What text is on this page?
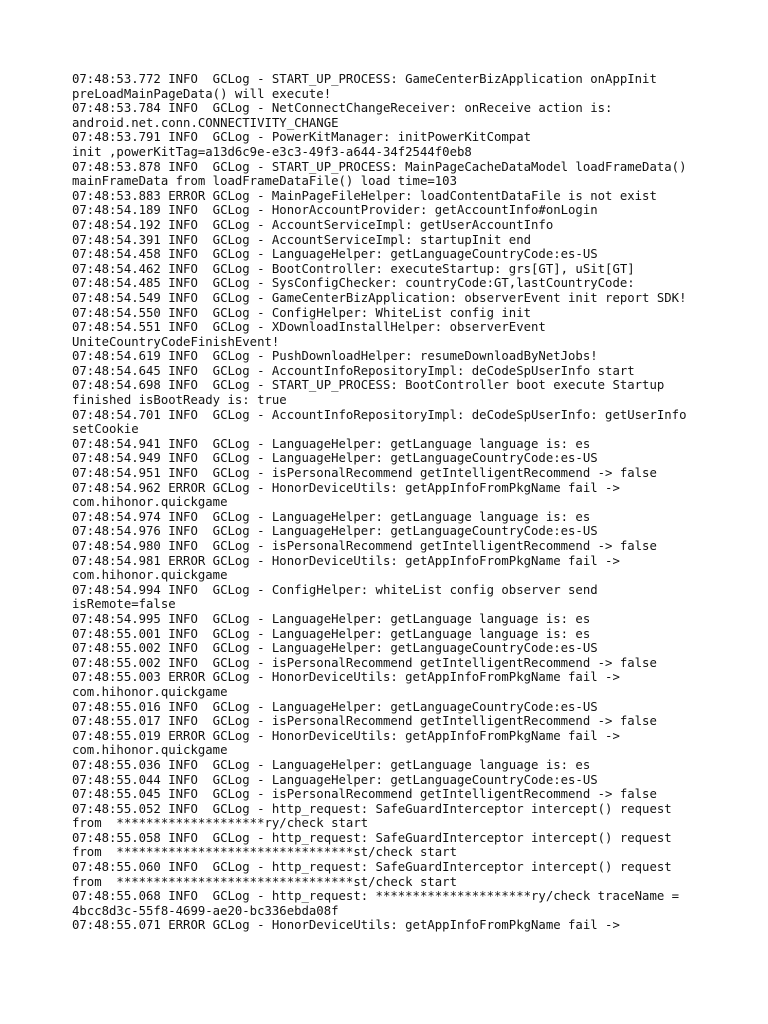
07:48:53.772 INFO  GCLog - START_UP_PROCESS: GameCenterBizApplication onAppInit
preLoadMainPageData() will execute!
07:48:53.784 INFO  GCLog - NetConnectChangeReceiver: onReceive action is:
android.net.conn.CONNECTIVITY_CHANGE
07:48:53.791 INFO  GCLog - PowerKitManager: initPowerKitCompat
init ,powerKitTag=a13d6c9e-e3c3-49f3-a644-34f2544f0eb8
07:48:53.878 INFO  GCLog - START_UP_PROCESS: MainPageCacheDataModel loadFrameData()
mainFrameData from loadFrameDataFile() load time=103
07:48:53.883 ERROR GCLog - MainPageFileHelper: loadContentDataFile is not exist
07:48:54.189 INFO  GCLog - HonorAccountProvider: getAccountInfo#onLogin
07:48:54.192 INFO  GCLog - AccountServiceImpl: getUserAccountInfo
07:48:54.391 INFO  GCLog - AccountServiceImpl: startupInit end
07:48:54.458 INFO  GCLog - LanguageHelper: getLanguageCountryCode:es-US
07:48:54.462 INFO  GCLog - BootController: executeStartup: grs[GT], uSit[GT]
07:48:54.485 INFO  GCLog - SysConfigChecker: countryCode:GT,lastCountryCode:
07:48:54.549 INFO  GCLog - GameCenterBizApplication: observerEvent init report SDK!
07:48:54.550 INFO  GCLog - ConfigHelper: WhiteList config init
07:48:54.551 INFO  GCLog - XDownloadInstallHelper: observerEvent
UniteCountryCodeFinishEvent!
07:48:54.619 INFO  GCLog - PushDownloadHelper: resumeDownloadByNetJobs!
07:48:54.645 INFO  GCLog - AccountInfoRepositoryImpl: deCodeSpUserInfo start
07:48:54.698 INFO  GCLog - START_UP_PROCESS: BootController boot execute Startup
finished isBootReady is: true
07:48:54.701 INFO  GCLog - AccountInfoRepositoryImpl: deCodeSpUserInfo: getUserInfo
setCookie
07:48:54.941 INFO  GCLog - LanguageHelper: getLanguage language is: es
07:48:54.949 INFO  GCLog - LanguageHelper: getLanguageCountryCode:es-US
07:48:54.951 INFO  GCLog - isPersonalRecommend getIntelligentRecommend -> false
07:48:54.962 ERROR GCLog - HonorDeviceUtils: getAppInfoFromPkgName fail ->
com.hihonor.quickgame
07:48:54.974 INFO  GCLog - LanguageHelper: getLanguage language is: es
07:48:54.976 INFO  GCLog - LanguageHelper: getLanguageCountryCode:es-US
07:48:54.980 INFO  GCLog - isPersonalRecommend getIntelligentRecommend -> false
07:48:54.981 ERROR GCLog - HonorDeviceUtils: getAppInfoFromPkgName fail ->
com.hihonor.quickgame
07:48:54.994 INFO  GCLog - ConfigHelper: whiteList config observer send
isRemote=false
07:48:54.995 INFO  GCLog - LanguageHelper: getLanguage language is: es
07:48:55.001 INFO  GCLog - LanguageHelper: getLanguage language is: es
07:48:55.002 INFO  GCLog - LanguageHelper: getLanguageCountryCode:es-US
07:48:55.002 INFO  GCLog - isPersonalRecommend getIntelligentRecommend -> false
07:48:55.003 ERROR GCLog - HonorDeviceUtils: getAppInfoFromPkgName fail ->
com.hihonor.quickgame
07:48:55.016 INFO  GCLog - LanguageHelper: getLanguageCountryCode:es-US
07:48:55.017 INFO  GCLog - isPersonalRecommend getIntelligentRecommend -> false
07:48:55.019 ERROR GCLog - HonorDeviceUtils: getAppInfoFromPkgName fail ->
com.hihonor.quickgame
07:48:55.036 INFO  GCLog - LanguageHelper: getLanguage language is: es
07:48:55.044 INFO  GCLog - LanguageHelper: getLanguageCountryCode:es-US
07:48:55.045 INFO  GCLog - isPersonalRecommend getIntelligentRecommend -> false
07:48:55.052 INFO  GCLog - http_request: SafeGuardInterceptor intercept() request
from  ********************ry/check start
07:48:55.058 INFO  GCLog - http_request: SafeGuardInterceptor intercept() request
from  ********************************st/check start
07:48:55.060 INFO  GCLog - http_request: SafeGuardInterceptor intercept() request
from  ********************************st/check start
07:48:55.068 INFO  GCLog - http_request: *********************ry/check traceName =
4bcc8d3c-55f8-4699-ae20-bc336ebda08f
07:48:55.071 ERROR GCLog - HonorDeviceUtils: getAppInfoFromPkgName fail ->
